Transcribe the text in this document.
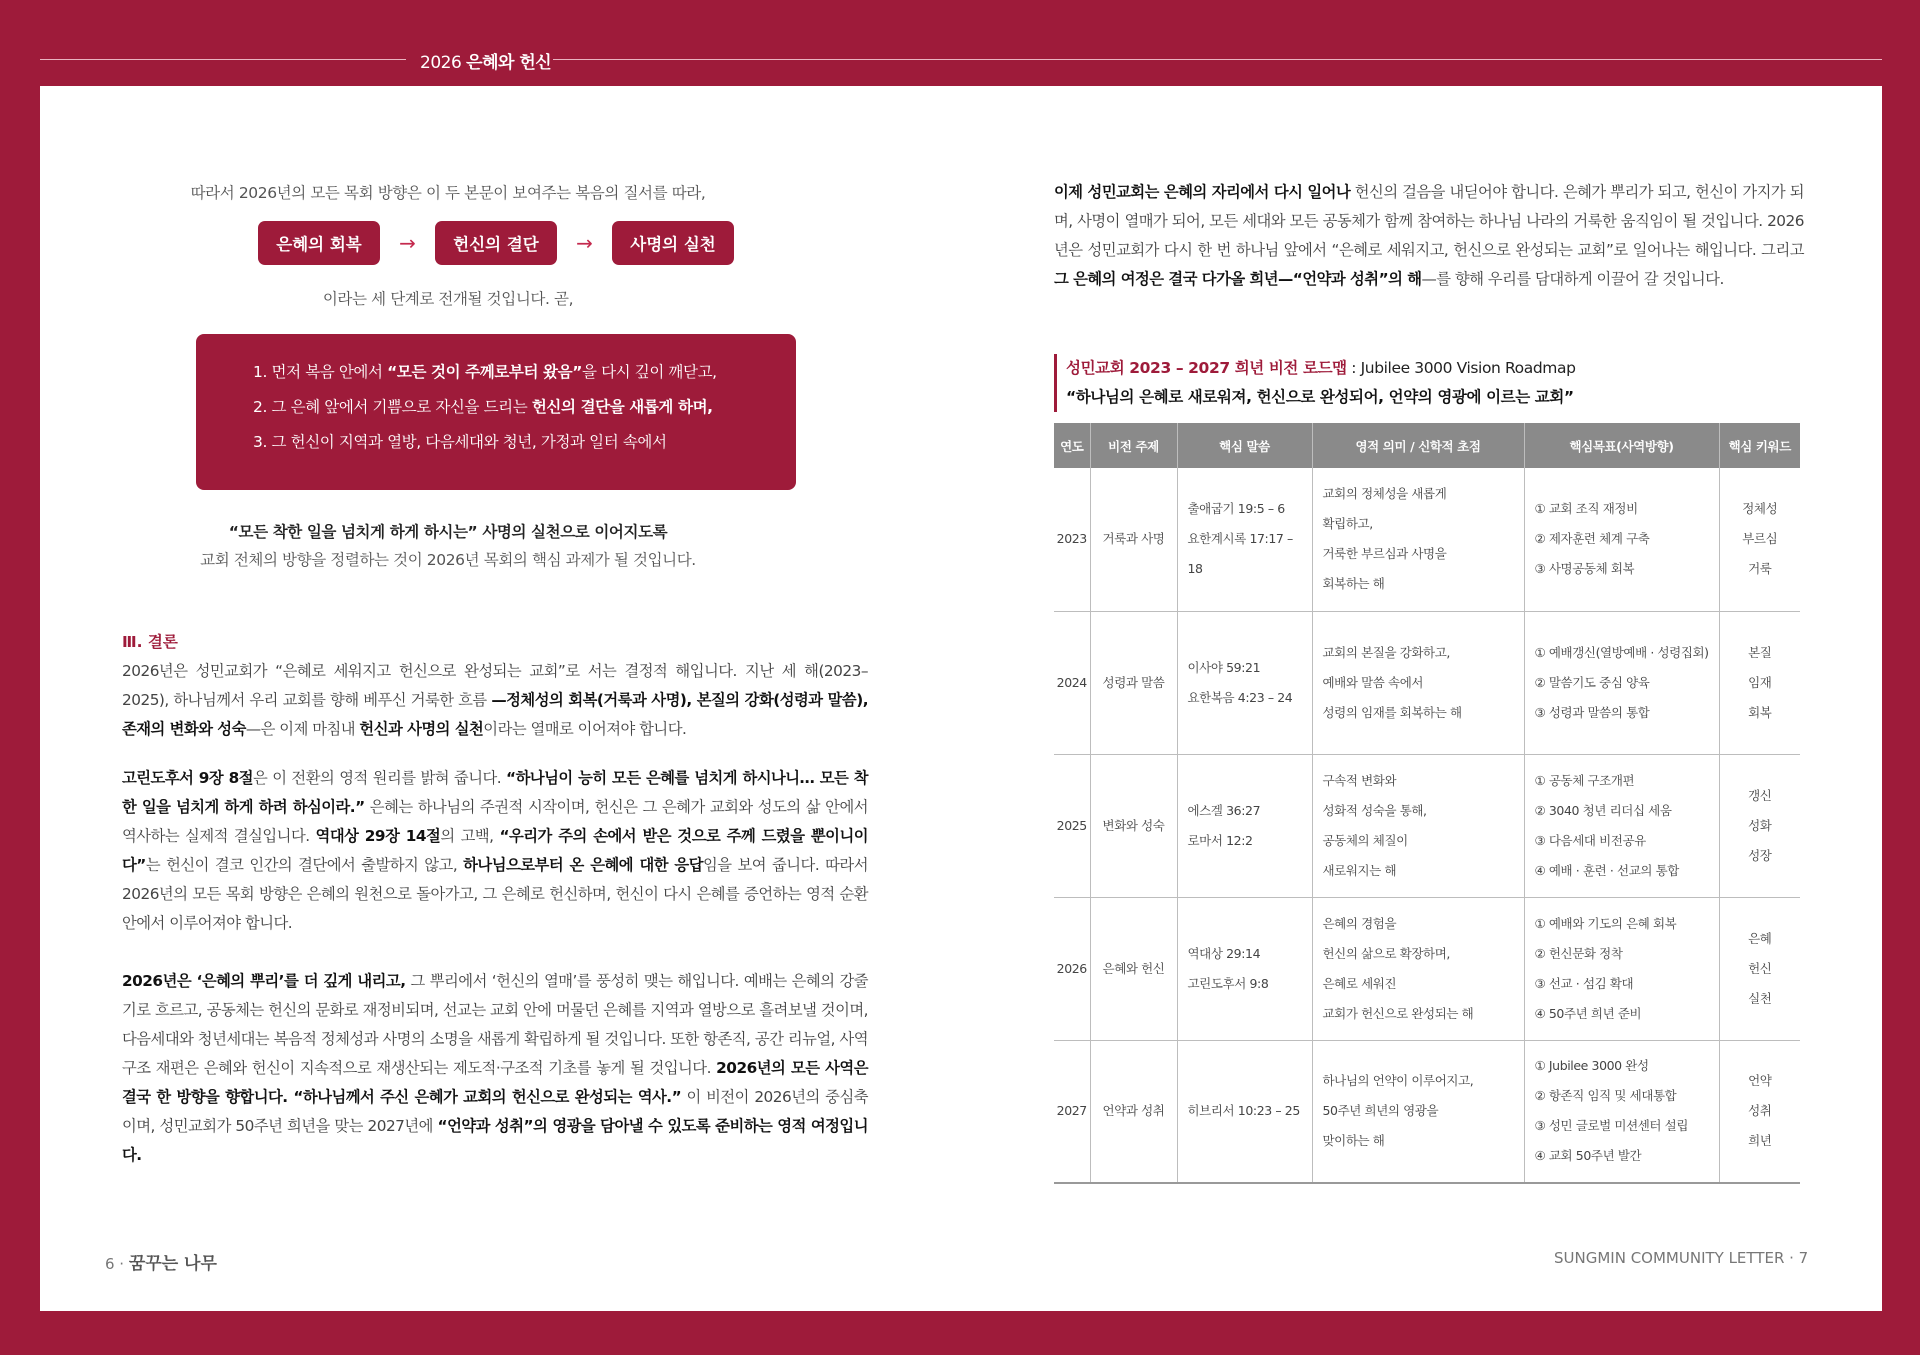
2026 은혜와 헌신
따라서 2026년의 모든 목회 방향은 이 두 본문이 보여주는 복음의 질서를 따라,
은혜의 회복	→	헌신의 결단	→	사명의 실천
이라는 세 단계로 전개될 것입니다. 곧,
1. 먼저 복음 안에서 “모든 것이 주께로부터 왔음”을 다시 깊이 깨닫고,
2. 그 은혜 앞에서 기쁨으로 자신을 드리는 헌신의 결단을 새롭게 하며,
3. 그 헌신이 지역과 열방, 다음세대와 청년, 가정과 일터 속에서
“모든 착한 일을 넘치게 하게 하시는” 사명의 실천으로 이어지도록
교회 전체의 방향을 정렬하는 것이 2026년 목회의 핵심 과제가 될 것입니다.
Ⅲ. 결론
2026년은 성민교회가 “은혜로 세워지고 헌신으로 완성되는 교회”로 서는 결정적 해입니다. 지난 세 해(2023–2025), 하나님께서 우리 교회를 향해 베푸신 거룩한 흐름 —정체성의 회복(거룩과 사명), 본질의 강화(성령과 말씀), 존재의 변화와 성숙—은 이제 마침내 헌신과 사명의 실천이라는 열매로 이어져야 합니다.
고린도후서 9장 8절은 이 전환의 영적 원리를 밝혀 줍니다. “하나님이 능히 모든 은혜를 넘치게 하시나니… 모든 착한 일을 넘치게 하게 하려 하심이라.” 은혜는 하나님의 주권적 시작이며, 헌신은 그 은혜가 교회와 성도의 삶 안에서 역사하는 실제적 결실입니다. 역대상 29장 14절의 고백, “우리가 주의 손에서 받은 것으로 주께 드렸을 뿐이니이다”는 헌신이 결코 인간의 결단에서 출발하지 않고, 하나님으로부터 온 은혜에 대한 응답임을 보여 줍니다. 따라서 2026년의 모든 목회 방향은 은혜의 원천으로 돌아가고, 그 은혜로 헌신하며, 헌신이 다시 은혜를 증언하는 영적 순환 안에서 이루어져야 합니다.
2026년은 ‘은혜의 뿌리’를 더 깊게 내리고, 그 뿌리에서 ‘헌신의 열매’를 풍성히 맺는 해입니다. 예배는 은혜의 강줄기로 흐르고, 공동체는 헌신의 문화로 재정비되며, 선교는 교회 안에 머물던 은혜를 지역과 열방으로 흘려보낼 것이며, 다음세대와 청년세대는 복음적 정체성과 사명의 소명을 새롭게 확립하게 될 것입니다. 또한 항존직, 공간 리뉴얼, 사역 구조 재편은 은혜와 헌신이 지속적으로 재생산되는 제도적·구조적 기초를 놓게 될 것입니다. 2026년의 모든 사역은 결국 한 방향을 향합니다. “하나님께서 주신 은혜가 교회의 헌신으로 완성되는 역사.” 이 비전이 2026년의 중심축이며, 성민교회가 50주년 희년을 맞는 2027년에 “언약과 성취”의 영광을 담아낼 수 있도록 준비하는 영적 여정입니다.
6 · 꿈꾸는 나무
이제 성민교회는 은혜의 자리에서 다시 일어나 헌신의 걸음을 내딛어야 합니다. 은혜가 뿌리가 되고, 헌신이 가지가 되며, 사명이 열매가 되어, 모든 세대와 모든 공동체가 함께 참여하는 하나님 나라의 거룩한 움직임이 될 것입니다. 2026년은 성민교회가 다시 한 번 하나님 앞에서 “은혜로 세워지고, 헌신으로 완성되는 교회”로 일어나는 해입니다. 그리고 그 은혜의 여정은 결국 다가올 희년—“언약과 성취”의 해—를 향해 우리를 담대하게 이끌어 갈 것입니다.
성민교회 2023 – 2027 희년 비전 로드맵 : Jubilee 3000 Vision Roadmap
“하나님의 은혜로 새로워져, 헌신으로 완성되어, 언약의 영광에 이르는 교회”
연도	비전 주제	핵심 말씀	영적 의미 / 신학적 초점	핵심목표(사역방향)	핵심 키워드
2023	거룩과 사명	출애굽기 19:5 – 6
요한계시록 17:17 – 18	교회의 정체성을 새롭게
확립하고,
거룩한 부르심과 사명을
회복하는 해	① 교회 조직 재정비
② 제자훈련 체계 구축
③ 사명공동체 회복	정체성
부르심
거룩

2024	성령과 말씀	이사야 59:21
요한복음 4:23 – 24	교회의 본질을 강화하고,
예배와 말씀 속에서
성령의 임재를 회복하는 해	① 예배갱신(열방예배 · 성령집회)
② 말씀기도 중심 양육
③ 성령과 말씀의 통합	본질
임재
회복

2025	변화와 성숙	에스겔 36:27
로마서 12:2	구속적 변화와
성화적 성숙을 통해,
공동체의 체질이
새로워지는 해	① 공동체 구조개편
② 3040 청년 리더십 세움
③ 다음세대 비전공유
④ 예배 · 훈련 · 선교의 통합	갱신
성화
성장

2026	은혜와 헌신	역대상 29:14
고린도후서 9:8	은혜의 경험을
헌신의 삶으로 확장하며,
은혜로 세워진
교회가 헌신으로 완성되는 해	① 예배와 기도의 은혜 회복
② 헌신문화 정착
③ 선교 · 섬김 확대
④ 50주년 희년 준비	은혜
헌신
실천

2027	언약과 성취	히브리서 10:23 – 25	하나님의 언약이 이루어지고,
50주년 희년의 영광을
맞이하는 해	① Jubilee 3000 완성
② 항존직 임직 및 세대통합
③ 성민 글로벌 미션센터 설립
④ 교회 50주년 발간	언약
성취
희년
SUNGMIN COMMUNITY LETTER · 7
